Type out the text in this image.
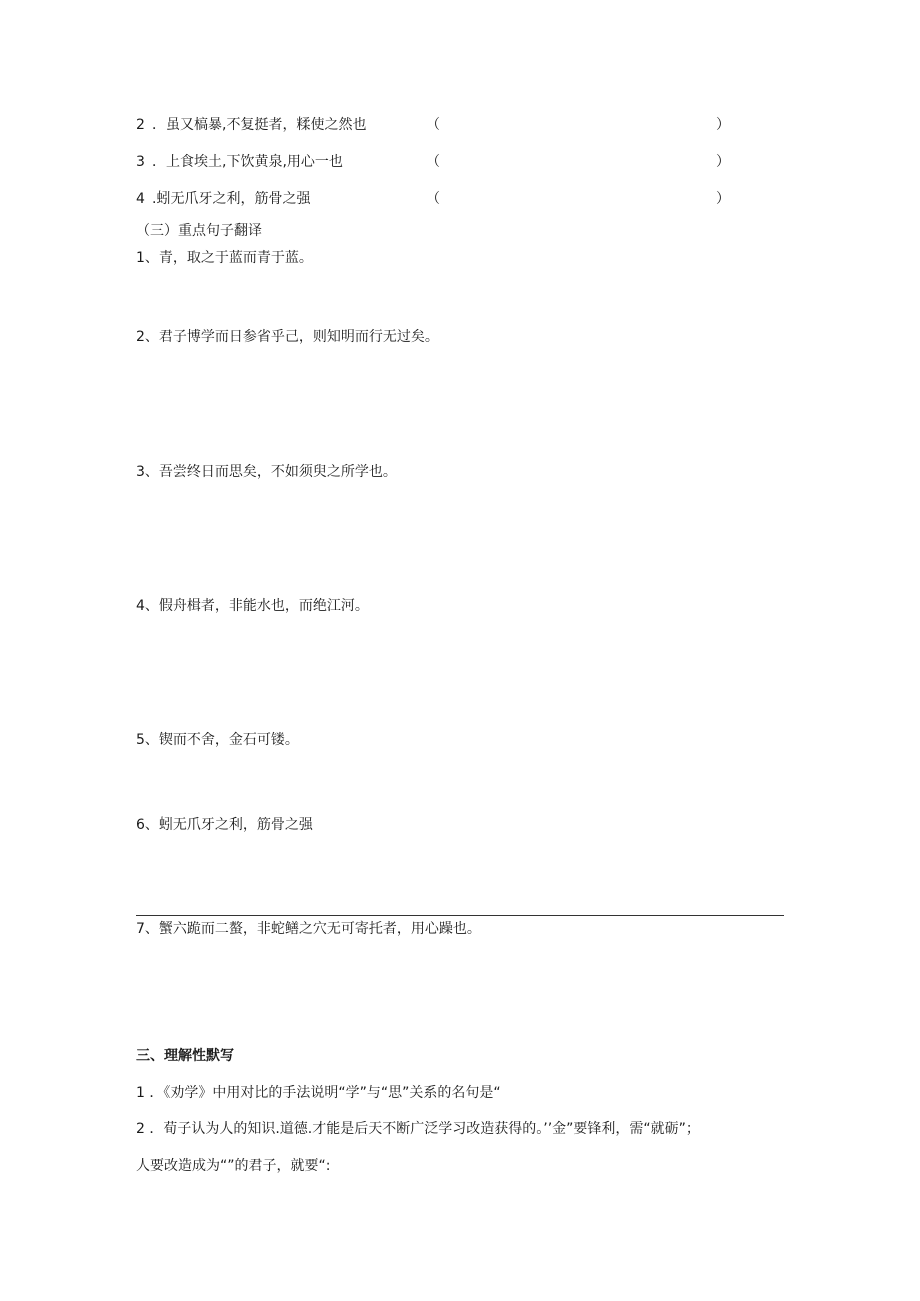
2 ．虽又槁暴,不复挺者，糅使之然也	（	）
3 ．上食埃土,下饮黄泉,用心一也	（	）
4 .蚓无爪牙之利，筋骨之强	（	）
（三）重点句子翻译
1、青，取之于蓝而青于蓝。
2、君子博学而日参省乎己，则知明而行无过矣。
3、吾尝终日而思矣，不如须臾之所学也。
4、假舟楫者，非能水也，而绝江河。
5、锲而不舍，金石可镂。
6、蚓无爪牙之利，筋骨之强
7、蟹六跪而二螯，非蛇鳝之穴无可寄托者，用心躁也。
三、理解性默写
1 ．《劝学》中用对比的手法说明“学”与“思”关系的名句是“
2 ．荀子认为人的知识.道德.才能是后天不断广泛学习改造获得的。’’金”要锋利，需“就砺”；
人要改造成为“”的君子，就要“:
